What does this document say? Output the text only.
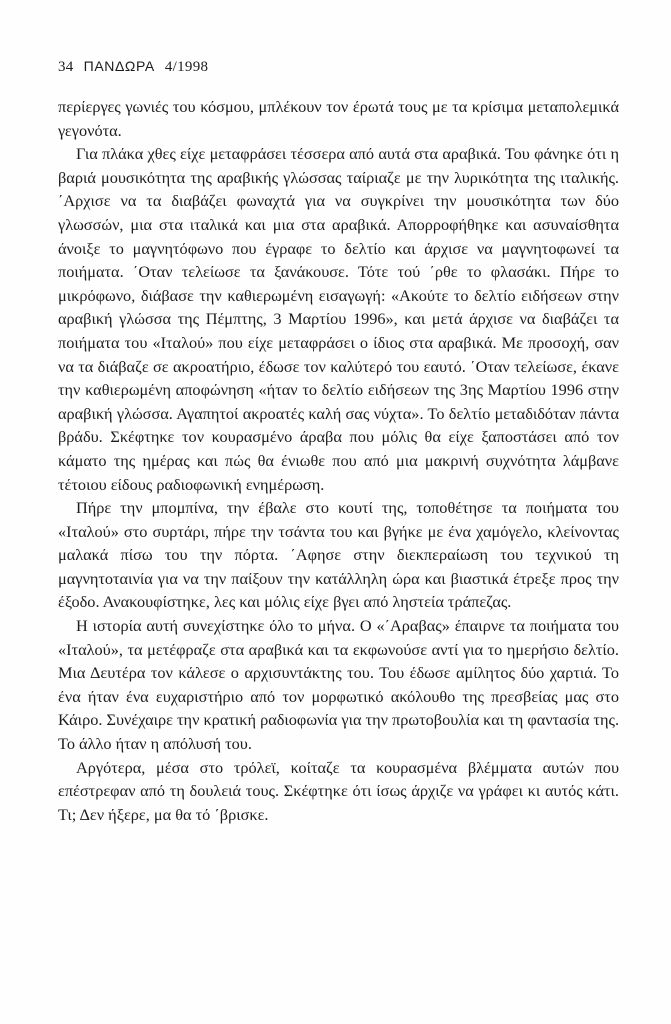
34 ΠΑΝΔΩΡΑ 4/1998

περίεργες γωνιές του κόσμου, μπλέκουν τον έρωτά τους με τα κρίσιμα μεταπολεμικά γεγονότα.

Για πλάκα χθες είχε μεταφράσει τέσσερα από αυτά στα αραβικά. Του φάνηκε ότι η βαριά μουσικότητα της αραβικής γλώσσας ταίριαζε με την λυρικότητα της ιταλικής. ΄Αρχισε να τα διαβάζει φωναχτά για να συγκρίνει την μουσικότητα των δύο γλωσσών, μια στα ιταλικά και μια στα αραβικά. Απορροφήθηκε και ασυναίσθητα άνοιξε το μαγνητόφωνο που έγραφε το δελτίο και άρχισε να μαγνητοφωνεί τα ποιήματα. ΄Οταν τελείωσε τα ξανάκουσε. Τότε τού ΄ρθε το φλασάκι. Πήρε το μικρόφωνο, διάβασε την καθιερωμένη εισαγωγή: «Ακούτε το δελτίο ειδήσεων στην αραβική γλώσσα της Πέμπτης, 3 Μαρτίου 1996», και μετά άρχισε να διαβάζει τα ποιήματα του «Ιταλού» που είχε μεταφράσει ο ίδιος στα αραβικά. Με προσοχή, σαν να τα διάβαζε σε ακροατήριο, έδωσε τον καλύτερό του εαυτό. ΄Οταν τελείωσε, έκανε την καθιερωμένη αποφώνηση «ήταν το δελτίο ειδήσεων της 3ης Μαρτίου 1996 στην αραβική γλώσσα. Αγαπητοί ακροατές καλή σας νύχτα». Το δελτίο μεταδιδόταν πάντα βράδυ. Σκέφτηκε τον κουρασμένο άραβα που μόλις θα είχε ξαποστάσει από τον κάματο της ημέρας και πώς θα ένιωθε που από μια μακρινή συχνότητα λάμβανε τέτοιου είδους ραδιοφωνική ενημέρωση.

Πήρε την μπομπίνα, την έβαλε στο κουτί της, τοποθέτησε τα ποιήματα του «Ιταλού» στο συρτάρι, πήρε την τσάντα του και βγήκε με ένα χαμόγελο, κλείνοντας μαλακά πίσω του την πόρτα. ΄Αφησε στην διεκπεραίωση του τεχνικού τη μαγνητοταινία για να την παίξουν την κατάλληλη ώρα και βιαστικά έτρεξε προς την έξοδο. Ανακουφίστηκε, λες και μόλις είχε βγει από ληστεία τράπεζας.

Η ιστορία αυτή συνεχίστηκε όλο το μήνα. Ο «΄Αραβας» έπαιρνε τα ποιήματα του «Ιταλού», τα μετέφραζε στα αραβικά και τα εκφωνούσε αντί για το ημερήσιο δελτίο. Μια Δευτέρα τον κάλεσε ο αρχισυντάκτης του. Του έδωσε αμίλητος δύο χαρτιά. Το ένα ήταν ένα ευχαριστήριο από τον μορφωτικό ακόλουθο της πρεσβείας μας στο Κάιρο. Συνέχαιρε την κρατική ραδιοφωνία για την πρωτοβουλία και τη φαντασία της. Το άλλο ήταν η απόλυσή του.

Αργότερα, μέσα στο τρόλεϊ, κοίταζε τα κουρασμένα βλέμματα αυτών που επέστρεφαν από τη δουλειά τους. Σκέφτηκε ότι ίσως άρχιζε να γράφει κι αυτός κάτι. Τι; Δεν ήξερε, μα θα τό ΄βρισκε.
